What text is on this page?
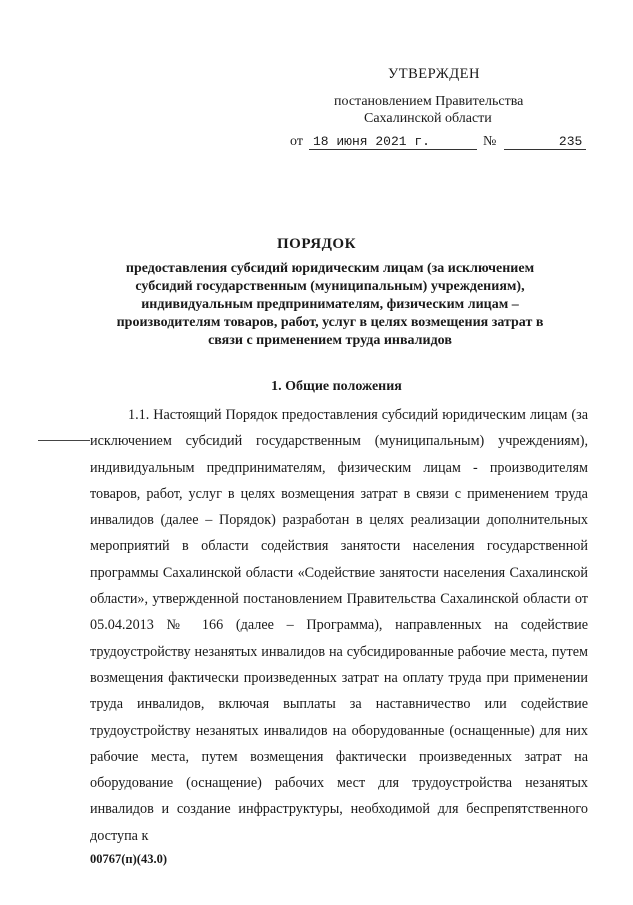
УТВЕРЖДЕН
постановлением Правительства
Сахалинской области
от 18 июня 2021 г.	№	235
ПОРЯДОК
предоставления субсидий юридическим лицам (за исключением субсидий государственным (муниципальным) учреждениям), индивидуальным предпринимателям, физическим лицам – производителям товаров, работ, услуг в целях возмещения затрат в связи с применением труда инвалидов
1. Общие положения
1.1. Настоящий Порядок предоставления субсидий юридическим лицам (за исключением субсидий государственным (муниципальным) учреждениям), индивидуальным предпринимателям, физическим лицам - производителям товаров, работ, услуг в целях возмещения затрат в связи с применением труда инвалидов (далее – Порядок) разработан в целях реализации дополнительных мероприятий в области содействия занятости населения государственной программы Сахалинской области «Содействие занятости населения Сахалинской области», утвержденной постановлением Правительства Сахалинской области от 05.04.2013 № 166 (далее – Программа), направленных на содействие трудоустройству незанятых инвалидов на субсидированные рабочие места, путем возмещения фактически произведенных затрат на оплату труда при применении труда инвалидов, включая выплаты за наставничество или содействие трудоустройству незанятых инвалидов на оборудованные (оснащенные) для них рабочие места, путем возмещения фактически произведенных затрат на оборудование (оснащение) рабочих мест для трудоустройства незанятых инвалидов и создание инфраструктуры, необходимой для беспрепятственного доступа к
00767(п)(43.0)
